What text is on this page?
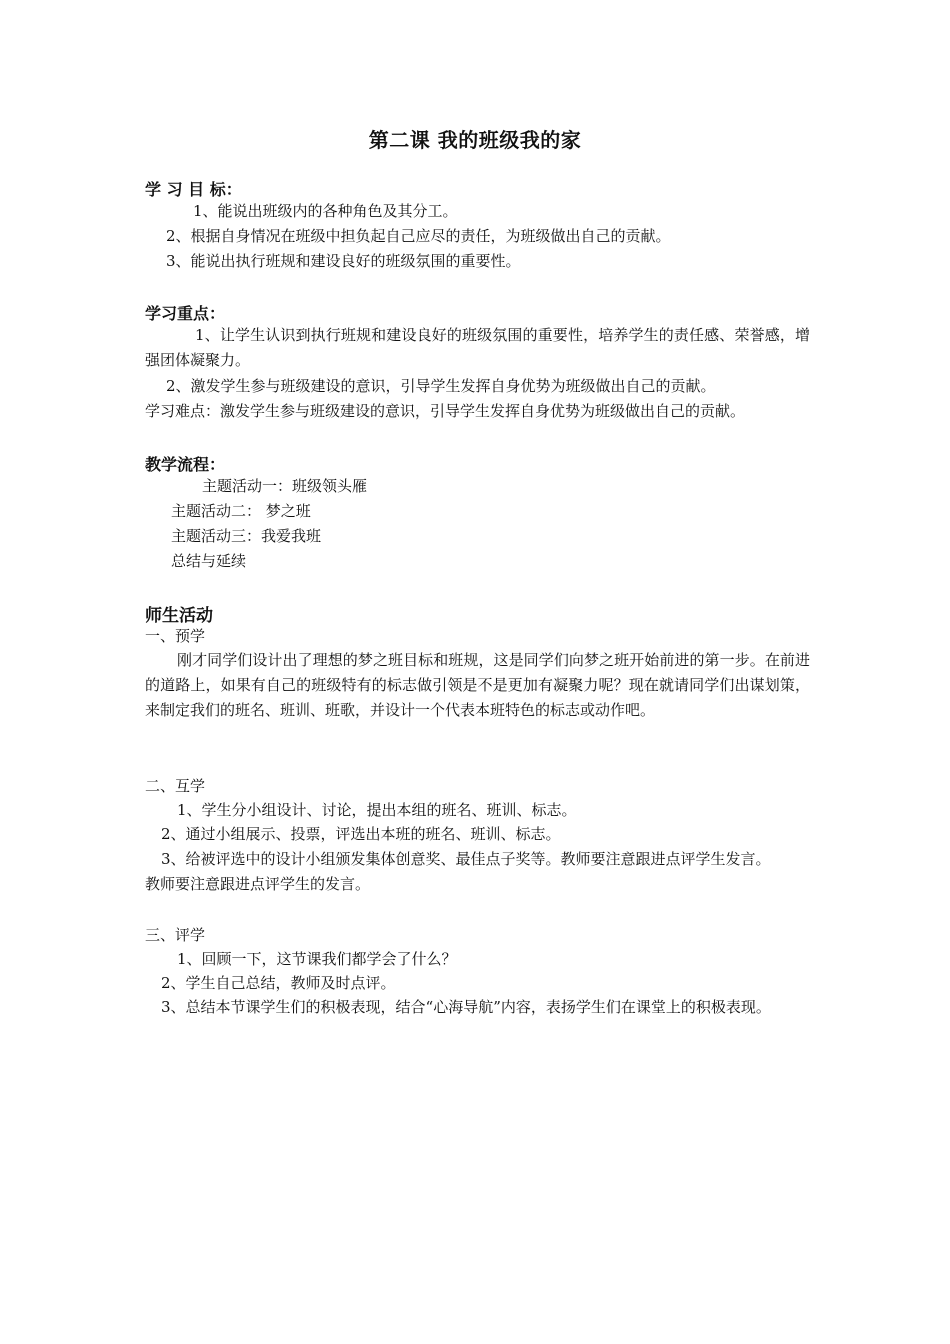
第二课 我的班级我的家
学 习 目 标：
1、能说出班级内的各种角色及其分工。
2、根据自身情况在班级中担负起自己应尽的责任，为班级做出自己的贡献。
3、能说出执行班规和建设良好的班级氛围的重要性。
学习重点：
1、让学生认识到执行班规和建设良好的班级氛围的重要性，培养学生的责任感、荣誉感，增强团体凝聚力。
2、激发学生参与班级建设的意识，引导学生发挥自身优势为班级做出自己的贡献。
学习难点：激发学生参与班级建设的意识，引导学生发挥自身优势为班级做出自己的贡献。
教学流程：
主题活动一：班级领头雁
主题活动二： 梦之班
主题活动三：我爱我班
总结与延续
师生活动
一、预学
刚才同学们设计出了理想的梦之班目标和班规，这是同学们向梦之班开始前进的第一步。在前进的道路上，如果有自己的班级特有的标志做引领是不是更加有凝聚力呢？现在就请同学们出谋划策，来制定我们的班名、班训、班歌，并设计一个代表本班特色的标志或动作吧。
二、互学
1、学生分小组设计、讨论，提出本组的班名、班训、标志。
2、通过小组展示、投票，评选出本班的班名、班训、标志。
3、给被评选中的设计小组颁发集体创意奖、最佳点子奖等。教师要注意跟进点评学生发言。
教师要注意跟进点评学生的发言。
三、评学
1、回顾一下，这节课我们都学会了什么？
2、学生自己总结，教师及时点评。
3、总结本节课学生们的积极表现，结合“心海导航”内容，表扬学生们在课堂上的积极表现。
